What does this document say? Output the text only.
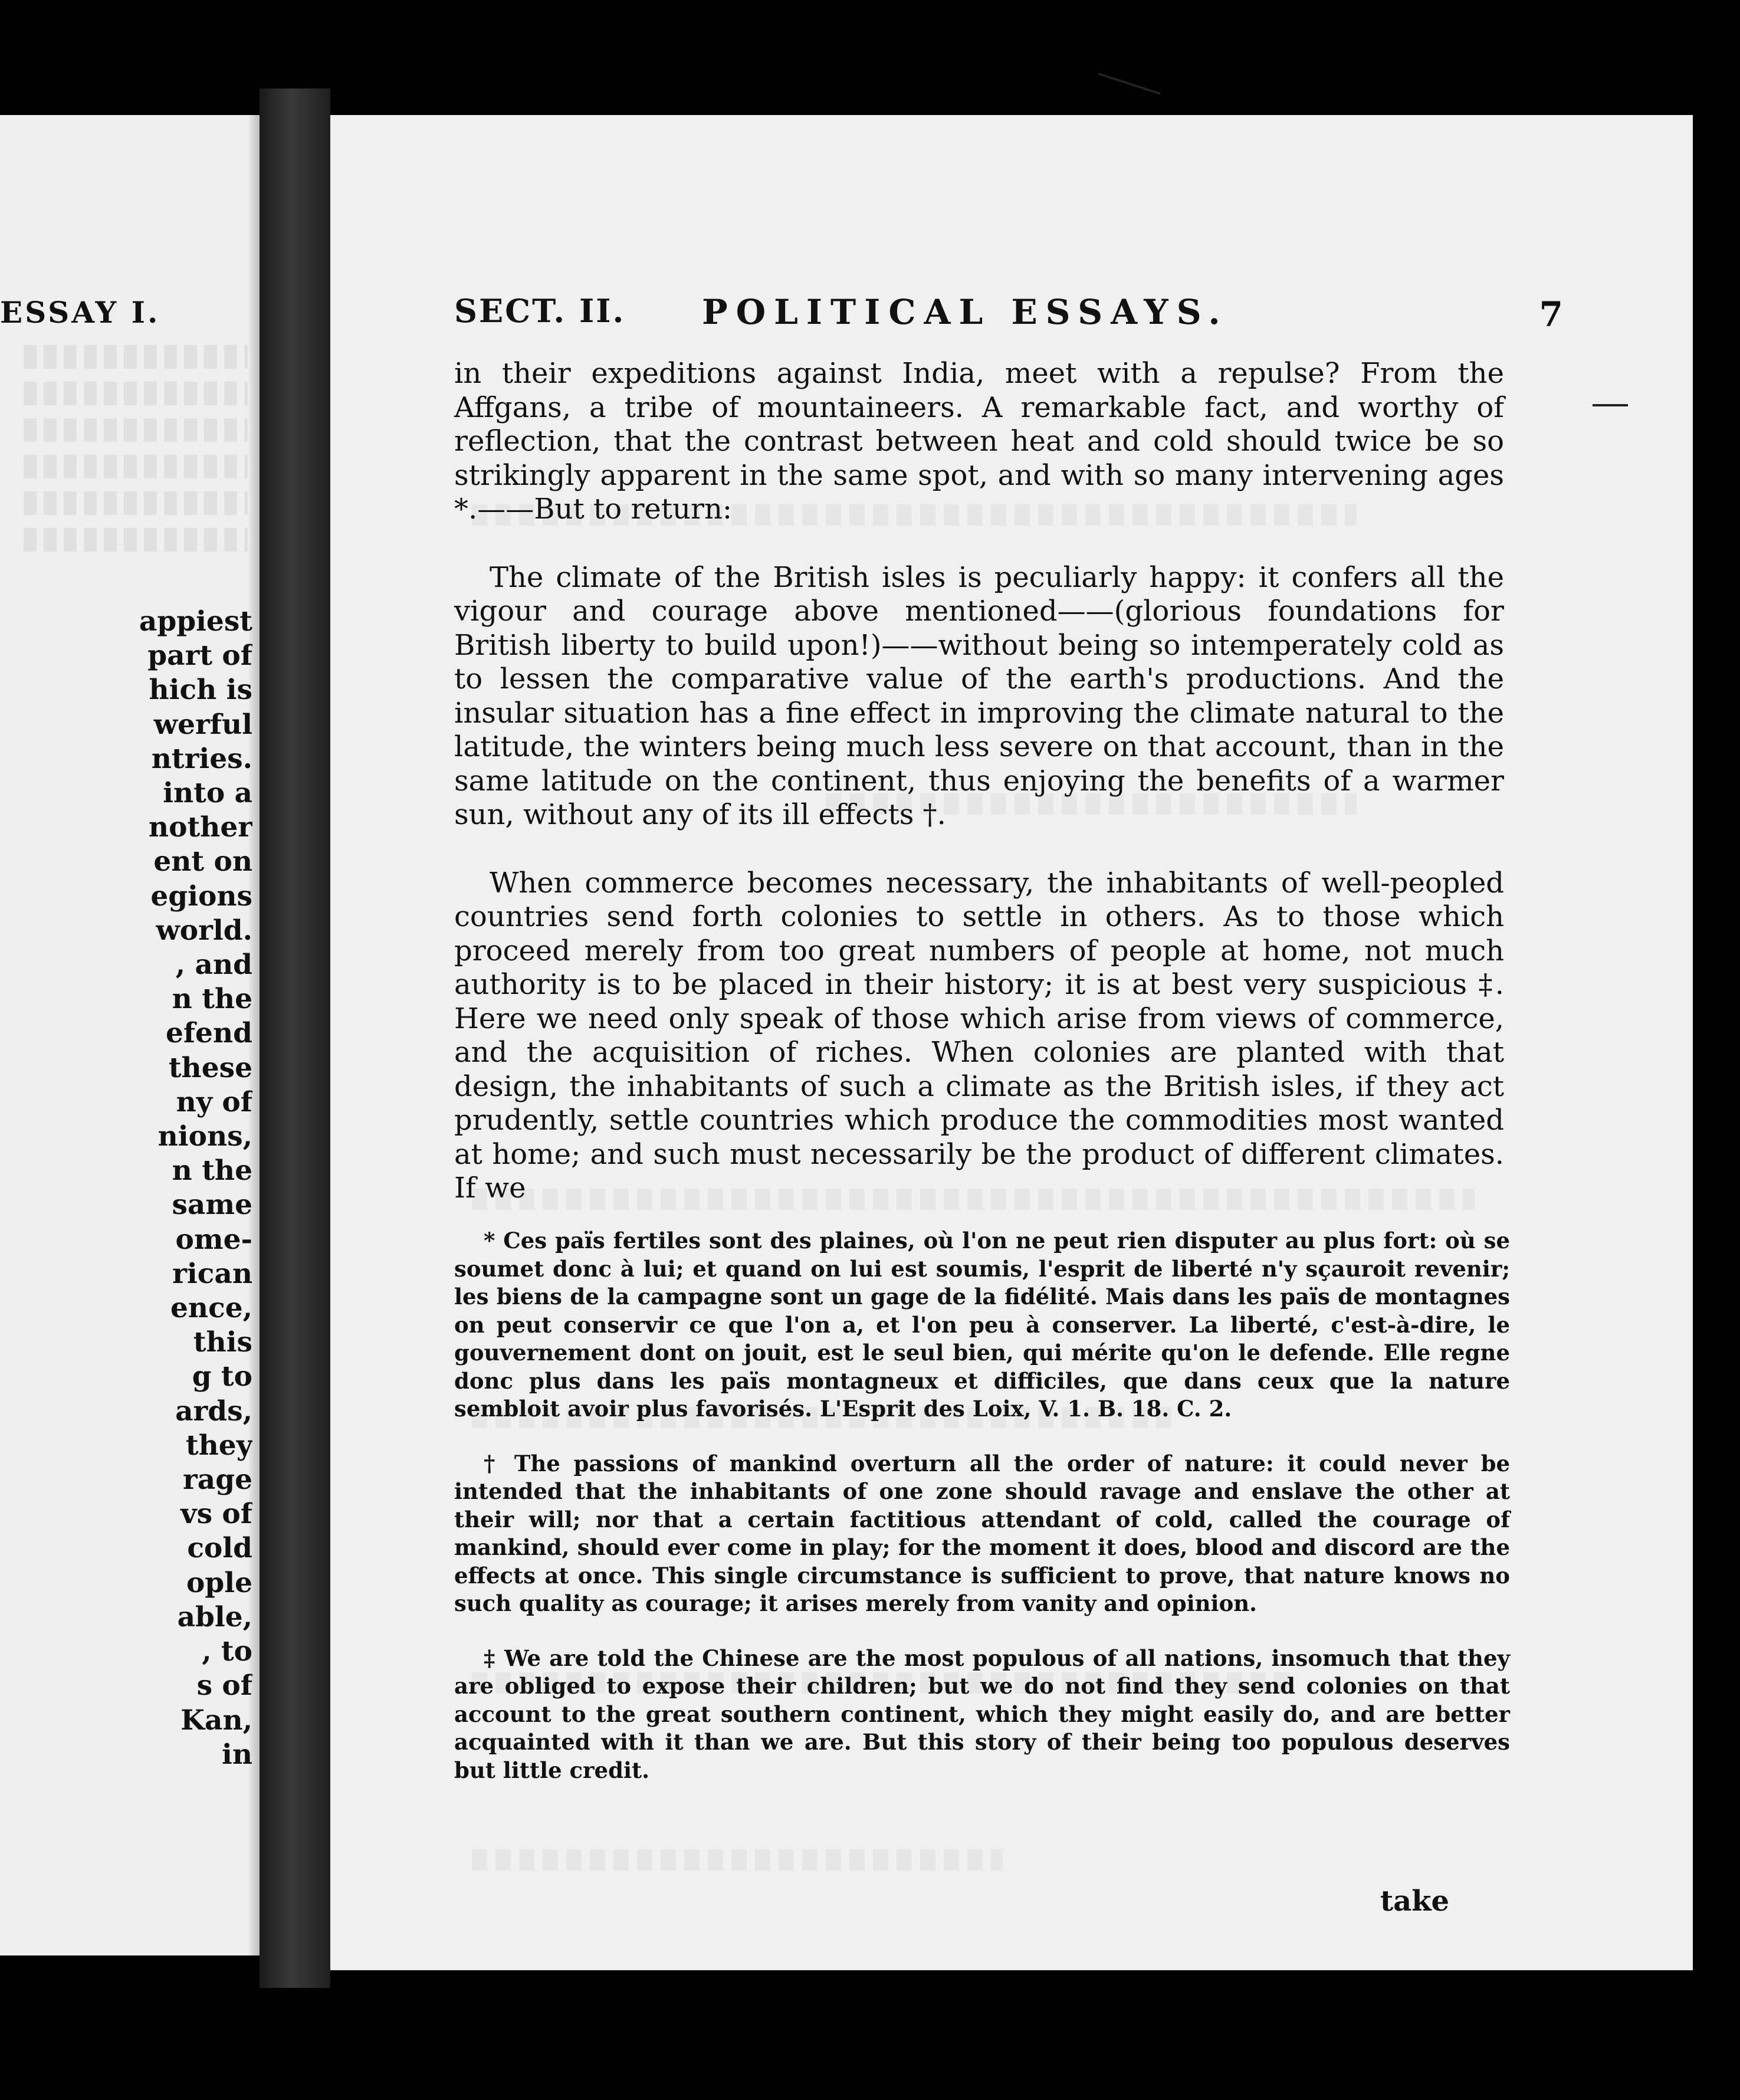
ESSAY I.
appiest
part of
hich is
werful
ntries.
into a
nother
ent on
egions
world.
, and
n the
efend
these
ny of
nions,
n the
same
ome-
rican
ence,
this
g to
ards,
they
rage
vs of
cold
ople
able,
, to
s of
Kan,
in
SECT. II. POLITICAL ESSAYS.	7

in their expeditions against India, meet with a repulse? From the Affgans, a tribe of mountaineers. A remarkable fact, and worthy of reflection, that the contrast between heat and cold should twice be so strikingly apparent in the same spot, and with so many intervening ages *.——But to return:

The climate of the British isles is peculiarly happy: it confers all the vigour and courage above mentioned——(glorious foundations for British liberty to build upon!)——without being so intemperately cold as to lessen the comparative value of the earth's productions. And the insular situation has a fine effect in improving the climate natural to the latitude, the winters being much less severe on that account, than in the same latitude on the continent, thus enjoying the benefits of a warmer sun, without any of its ill effects †.

When commerce becomes necessary, the inhabitants of well-peopled countries send forth colonies to settle in others. As to those which proceed merely from too great numbers of people at home, not much authority is to be placed in their history; it is at best very suspicious ‡. Here we need only speak of those which arise from views of commerce, and the acquisition of riches. When colonies are planted with that design, the inhabitants of such a climate as the British isles, if they act prudently, settle countries which produce the commodities most wanted at home; and such must necessarily be the product of different climates. If we

* Ces païs fertiles sont des plaines, où l'on ne peut rien disputer au plus fort: où se soumet donc à lui; et quand on lui est soumis, l'esprit de liberté n'y sçauroit revenir; les biens de la campagne sont un gage de la fidélité. Mais dans les païs de montagnes on peut conservir ce que l'on a, et l'on peu à conserver. La liberté, c'est-à-dire, le gouvernement dont on jouit, est le seul bien, qui mérite qu'on le defende. Elle regne donc plus dans les païs montagneux et difficiles, que dans ceux que la nature sembloit avoir plus favorisés. L'Esprit des Loix, V. 1. B. 18. C. 2.

† The passions of mankind overturn all the order of nature: it could never be intended that the inhabitants of one zone should ravage and enslave the other at their will; nor that a certain factitious attendant of cold, called the courage of mankind, should ever come in play; for the moment it does, blood and discord are the effects at once. This single circumstance is sufficient to prove, that nature knows no such quality as courage; it arises merely from vanity and opinion.

‡ We are told the Chinese are the most populous of all nations, insomuch that they are obliged to expose their children; but we do not find they send colonies on that account to the great southern continent, which they might easily do, and are better acquainted with it than we are. But this story of their being too populous deserves but little credit.

take
